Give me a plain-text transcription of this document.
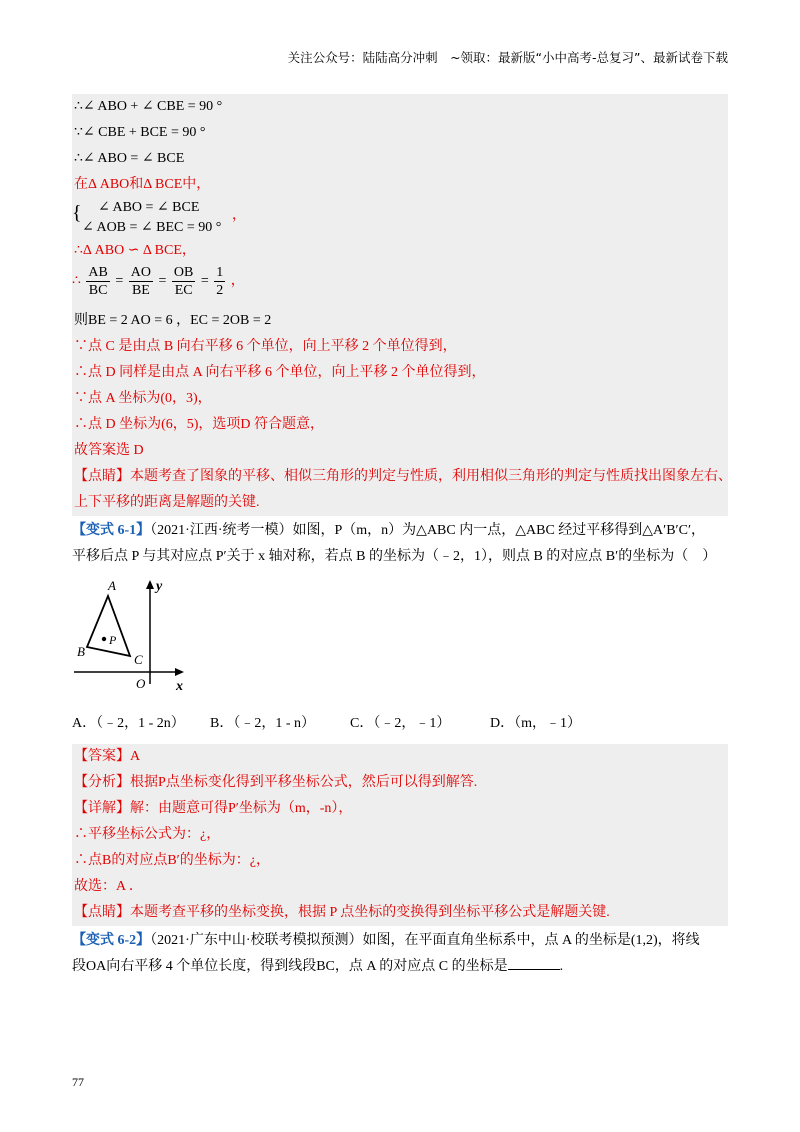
关注公众号：陆陆高分冲刺　~领取：最新版“小中高考-总复习”、最新试卷下载
∴∠ ABO + ∠ CBE = 90 °
∵∠ CBE + BCE = 90 °
∴∠ ABO = ∠ BCE
在Δ ABO和Δ BCE中，
{ ∠ ABO = ∠ BCE
∠ AOB = ∠ BEC = 90 °
，
∴Δ ABO ∽ Δ BCE，
∴ $\frac{AB}{BC} = \frac{AO}{BE} = \frac{OB}{EC} = \frac{1}{2}$ ，
则BE = 2 AO = 6 ，EC = 2OB = 2
∵点 C 是由点 B 向右平移 6 个单位，向上平移 2 个单位得到，
∴点 D 同样是由点 A 向右平移 6 个单位，向上平移 2 个单位得到，
∵点 A 坐标为(0，3)，
∴点 D 坐标为(6，5)，选项D 符合题意，
故答案选 D
【点睛】本题考查了图象的平移、相似三角形的判定与性质，利用相似三角形的判定与性质找出图象左右、
上下平移的距离是解题的关键.
【变式 6-1】（2021·江西·统考一模）如图，P（m，n）为△ABC 内一点，△ABC 经过平移得到△A′B′C′，
平移后点 P 与其对应点 P′关于 x 轴对称，若点 B 的坐标为（﹣2，1），则点 B 的对应点 B′的坐标为（　）
A
B
C
P
O x
y
A．（﹣2，1 - 2n）	B．（﹣2，1 - n）	C．（﹣2，﹣1）	D．（m，﹣1）
【答案】A
【分析】根据P点坐标变化得到平移坐标公式，然后可以得到解答.
【详解】解：由题意可得P′坐标为（m，-n），
∴平移坐标公式为：¿，
∴点B的对应点B′的坐标为：¿，
故选：A ．
【点睛】本题考查平移的坐标变换，根据 P 点坐标的变换得到坐标平移公式是解题关键.
【变式 6-2】（2021·广东中山·校联考模拟预测）如图，在平面直角坐标系中，点 A 的坐标是(1,2)，将线
段OA向右平移 4 个单位长度，得到线段BC，点 A 的对应点 C 的坐标是	.
77
